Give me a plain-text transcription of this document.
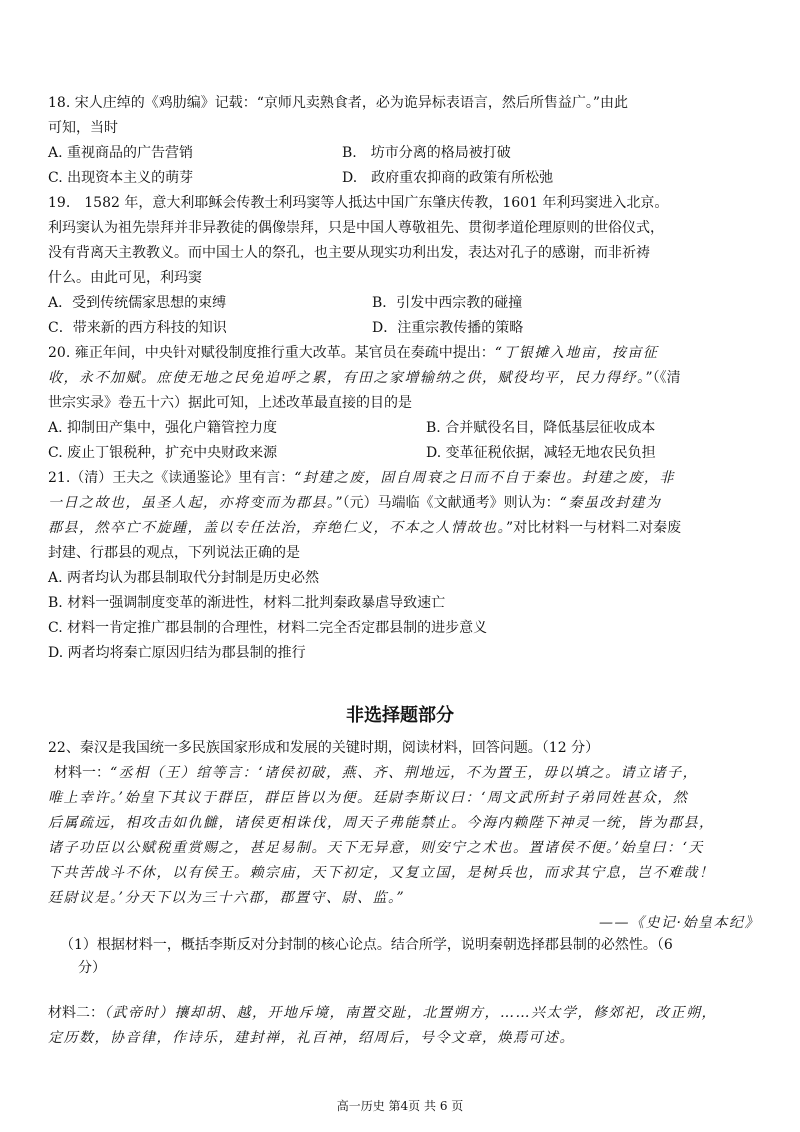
18. 宋人庄绰的《鸡肋编》记载：“京师凡卖熟食者，必为诡异标表语言，然后所售益广。”由此
可知，当时
A. 重视商品的广告营销	B.　坊市分离的格局被打破
C. 出现资本主义的萌芽	D.　政府重农抑商的政策有所松弛
19.　1582 年，意大利耶稣会传教士利玛窦等人抵达中国广东肇庆传教，1601 年利玛窦进入北京。
利玛窦认为祖先崇拜并非异教徒的偶像崇拜，只是中国人尊敬祖先、贯彻孝道伦理原则的世俗仪式，
没有背离天主教教义。而中国士人的祭孔，也主要从现实功利出发，表达对孔子的感谢，而非祈祷
什么。由此可见，利玛窦
A．受到传统儒家思想的束缚	B．引发中西宗教的碰撞
C．带来新的西方科技的知识	D．注重宗教传播的策略
20. 雍正年间，中央针对赋役制度推行重大改革。某官员在奏疏中提出：“丁银摊入地亩，按亩征
收，永不加赋。庶使无地之民免追呼之累，有田之家增输纳之供，赋役均平，民力得纾。”（《清
世宗实录》卷五十六）据此可知，上述改革最直接的目的是
A. 抑制田产集中，强化户籍管控力度	B. 合并赋役名目，降低基层征收成本
C. 废止丁银税种，扩充中央财政来源	D. 变革征税依据，减轻无地农民负担
21.（清）王夫之《读通鉴论》里有言：“封建之废，固自周衰之日而不自于秦也。封建之废，非
一日之故也，虽圣人起，亦将变而为郡县。”（元）马端临《文献通考》则认为：“秦虽改封建为
郡县，然卒亡不旋踵，盖以专任法治，弃绝仁义，不本之人情故也。”对比材料一与材料二对秦废
封建、行郡县的观点，下列说法正确的是
A. 两者均认为郡县制取代分封制是历史必然
B. 材料一强调制度变革的渐进性，材料二批判秦政暴虐导致速亡
C. 材料一肯定推广郡县制的合理性，材料二完全否定郡县制的进步意义
D. 两者均将秦亡原因归结为郡县制的推行
非选择题部分
22、秦汉是我国统一多民族国家形成和发展的关键时期，阅读材料，回答问题。（12 分）
材料一：“丞相（王）绾等言：‘诸侯初破，燕、齐、荆地远，不为置王，毋以填之。请立诸子，
唯上幸许。’始皇下其议于群臣，群臣皆以为便。廷尉李斯议曰：‘周文武所封子弟同姓甚众，然
后属疏远，相攻击如仇雠，诸侯更相诛伐，周天子弗能禁止。今海内赖陛下神灵一统，皆为郡县，
诸子功臣以公赋税重赏赐之，甚足易制。天下无异意，则安宁之术也。置诸侯不便。’始皇曰：‘天
下共苦战斗不休，以有侯王。赖宗庙，天下初定，又复立国，是树兵也，而求其宁息，岂不难哉！
廷尉议是。’分天下以为三十六郡，郡置守、尉、监。”
——《史记·始皇本纪》
（1）根据材料一，概括李斯反对分封制的核心论点。结合所学，说明秦朝选择郡县制的必然性。（6
分）
材料二：（武帝时）攘却胡、越，开地斥境，南置交趾，北置朔方，……兴太学，修郊祀，改正朔，
定历数，协音律，作诗乐，建封禅，礼百神，绍周后，号令文章，焕焉可述。
高一历史 第4页 共 6 页
